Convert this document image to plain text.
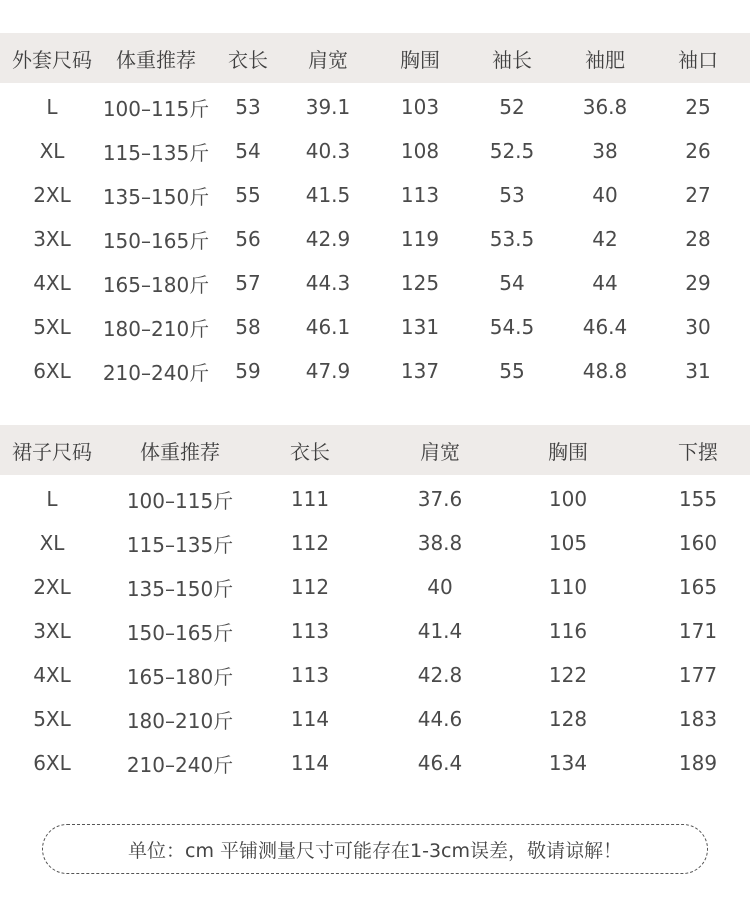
外套尺码 体重推荐 衣长 肩宽	胸围	袖长	袖肥	袖口
L 100–115斤 53 39.1	103	52	36.8	25
XL 115–135斤 54 40.3	108	52.5	38	26
2XL 135–150斤 55 41.5	113	53	40	27
3XL 150–165斤 56 42.9	119	53.5	42	28
4XL 165–180斤 57 44.3	125	54	44	29
5XL 180–210斤 58 46.1	131	54.5 46.4	30
6XL 210–240斤 59 47.9	137	55	48.8	31
裙子尺码 体重推荐	衣长	肩宽	胸围	下摆
L	100–115斤	111	37.6	100	155
XL	115–135斤	112	38.8	105	160
2XL	135–150斤	112	40	110	165
3XL	150–165斤	113	41.4	116	171
4XL	165–180斤	113	42.8	122	177
5XL	180–210斤	114	44.6	128	183
6XL	210–240斤	114	46.4	134	189
单位：cm 平铺测量尺寸可能存在1-3cm误差，敬请谅解！
